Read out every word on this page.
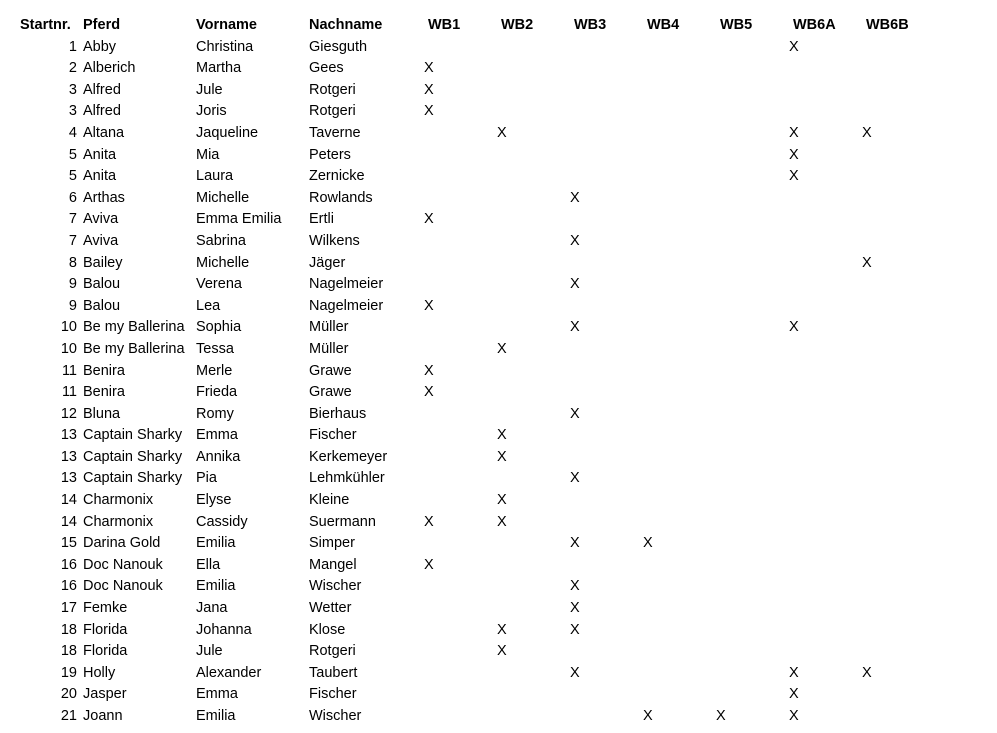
Startnr.	Pferd	Vorname	Nachname	WB1	WB2	WB3	WB4	WB5	WB6A	WB6B
1	Abby	Christina	Giesguth						X	
2	Alberich	Martha	Gees	X						
3	Alfred	Jule	Rotgeri	X						
3	Alfred	Joris	Rotgeri	X						
4	Altana	Jaqueline	Taverne		X				X	X
5	Anita	Mia	Peters						X	
5	Anita	Laura	Zernicke						X	
6	Arthas	Michelle	Rowlands			X				
7	Aviva	Emma Emilia	Ertli	X						
7	Aviva	Sabrina	Wilkens			X				
8	Bailey	Michelle	Jäger							X
9	Balou	Verena	Nagelmeier			X				
9	Balou	Lea	Nagelmeier	X						
10	Be my Ballerina	Sophia	Müller			X			X	
10	Be my Ballerina	Tessa	Müller		X					
11	Benira	Merle	Grawe	X						
11	Benira	Frieda	Grawe	X						
12	Bluna	Romy	Bierhaus			X				
13	Captain Sharky	Emma	Fischer		X					
13	Captain Sharky	Annika	Kerkemeyer		X					
13	Captain Sharky	Pia	Lehmkühler			X				
14	Charmonix	Elyse	Kleine		X					
14	Charmonix	Cassidy	Suermann	X	X					
15	Darina Gold	Emilia	Simper			X	X			
16	Doc Nanouk	Ella	Mangel	X						
16	Doc Nanouk	Emilia	Wischer			X				
17	Femke	Jana	Wetter			X				
18	Florida	Johanna	Klose		X	X				
18	Florida	Jule	Rotgeri		X					
19	Holly	Alexander	Taubert			X			X	X
20	Jasper	Emma	Fischer						X	
21	Joann	Emilia	Wischer				X	X	X	
